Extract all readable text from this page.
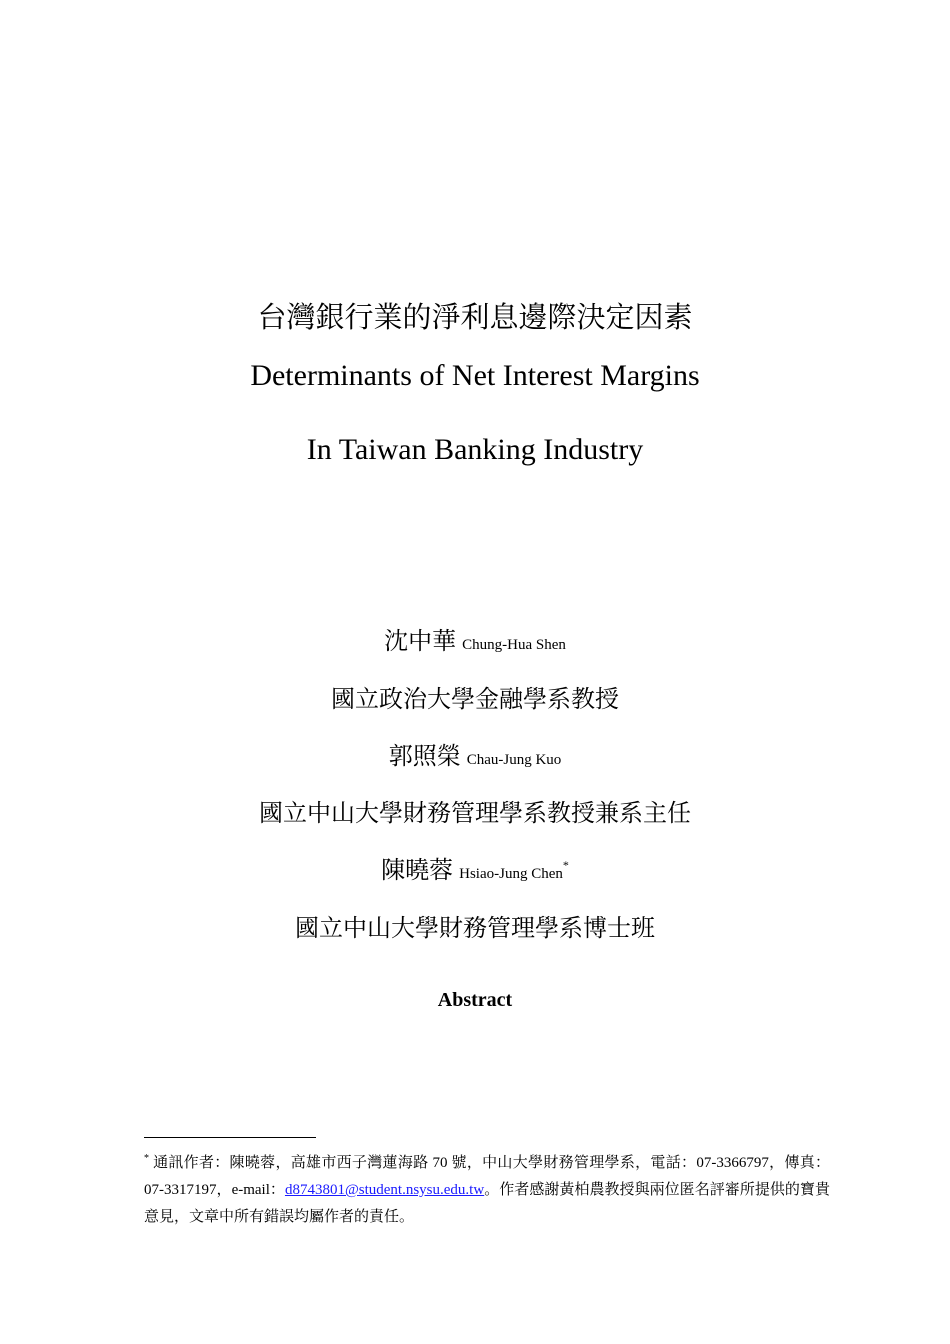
台灣銀行業的淨利息邊際決定因素
Determinants of Net Interest Margins
In Taiwan Banking Industry
沈中華 Chung-Hua Shen
國立政治大學金融學系教授
郭照榮 Chau-Jung Kuo
國立中山大學財務管理學系教授兼系主任
陳曉蓉 Hsiao-Jung Chen*
國立中山大學財務管理學系博士班
Abstract
* 通訊作者：陳曉蓉，高雄市西子灣蓮海路 70 號，中山大學財務管理學系，電話：07-3366797，傳真：07-3317197，e-mail：d8743801@student.nsysu.edu.tw。作者感謝黃柏農教授與兩位匿名評審所提供的寶貴意見，文章中所有錯誤均屬作者的責任。
